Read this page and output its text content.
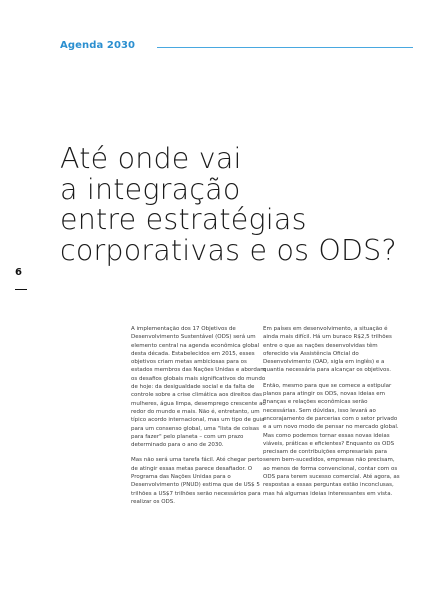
Agenda 2030
Até onde vai
a integração
entre estratégias
corporativas e os ODS?
6

A implementação dos 17 Objetivos de Desenvolvimento Sustentável (ODS) será um elemento central na agenda econômica global desta década. Estabelecidos em 2015, esses objetivos criam metas ambiciosas para os estados membros das Nações Unidas e abordam os desafios globais mais significativos do mundo de hoje: da desigualdade social e da falta de controle sobre a crise climática aos direitos das mulheres, água limpa, desemprego crescente ao redor do mundo e mais. Não é, entretanto, um típico acordo internacional, mas um tipo de guia para um consenso global, uma "lista de coisas para fazer" pelo planeta – com um prazo determinado para o ano de 2030.

Mas não será uma tarefa fácil. Até chegar perto de atingir essas metas parece desafiador. O Programa das Nações Unidas para o Desenvolvimento (PNUD) estima que de US$ 5 trilhões a US$7 trilhões serão necessários para realizar os ODS.

Em países em desenvolvimento, a situação é ainda mais difícil. Há um buraco R$2,5 trilhões entre o que as nações desenvolvidas têm oferecido via Assistência Oficial do Desenvolvimento (OAD, sigla em inglês) e a quantia necessária para alcançar os objetivos.

Então, mesmo para que se comece a estipular planos para atingir os ODS, novas ideias em finanças e relações econômicas serão necessárias. Sem dúvidas, isso levará ao encorajamento de parcerias com o setor privado e a um novo modo de pensar no mercado global. Mas como podemos tornar essas novas ideias viáveis, práticas e eficientes? Enquanto os ODS precisam de contribuições empresariais para serem bem-sucedidos, empresas não precisam, ao menos de forma convencional, contar com os ODS para terem sucesso comercial. Até agora, as respostas a essas perguntas estão inconclusas, mas há algumas ideias interessantes em vista.
